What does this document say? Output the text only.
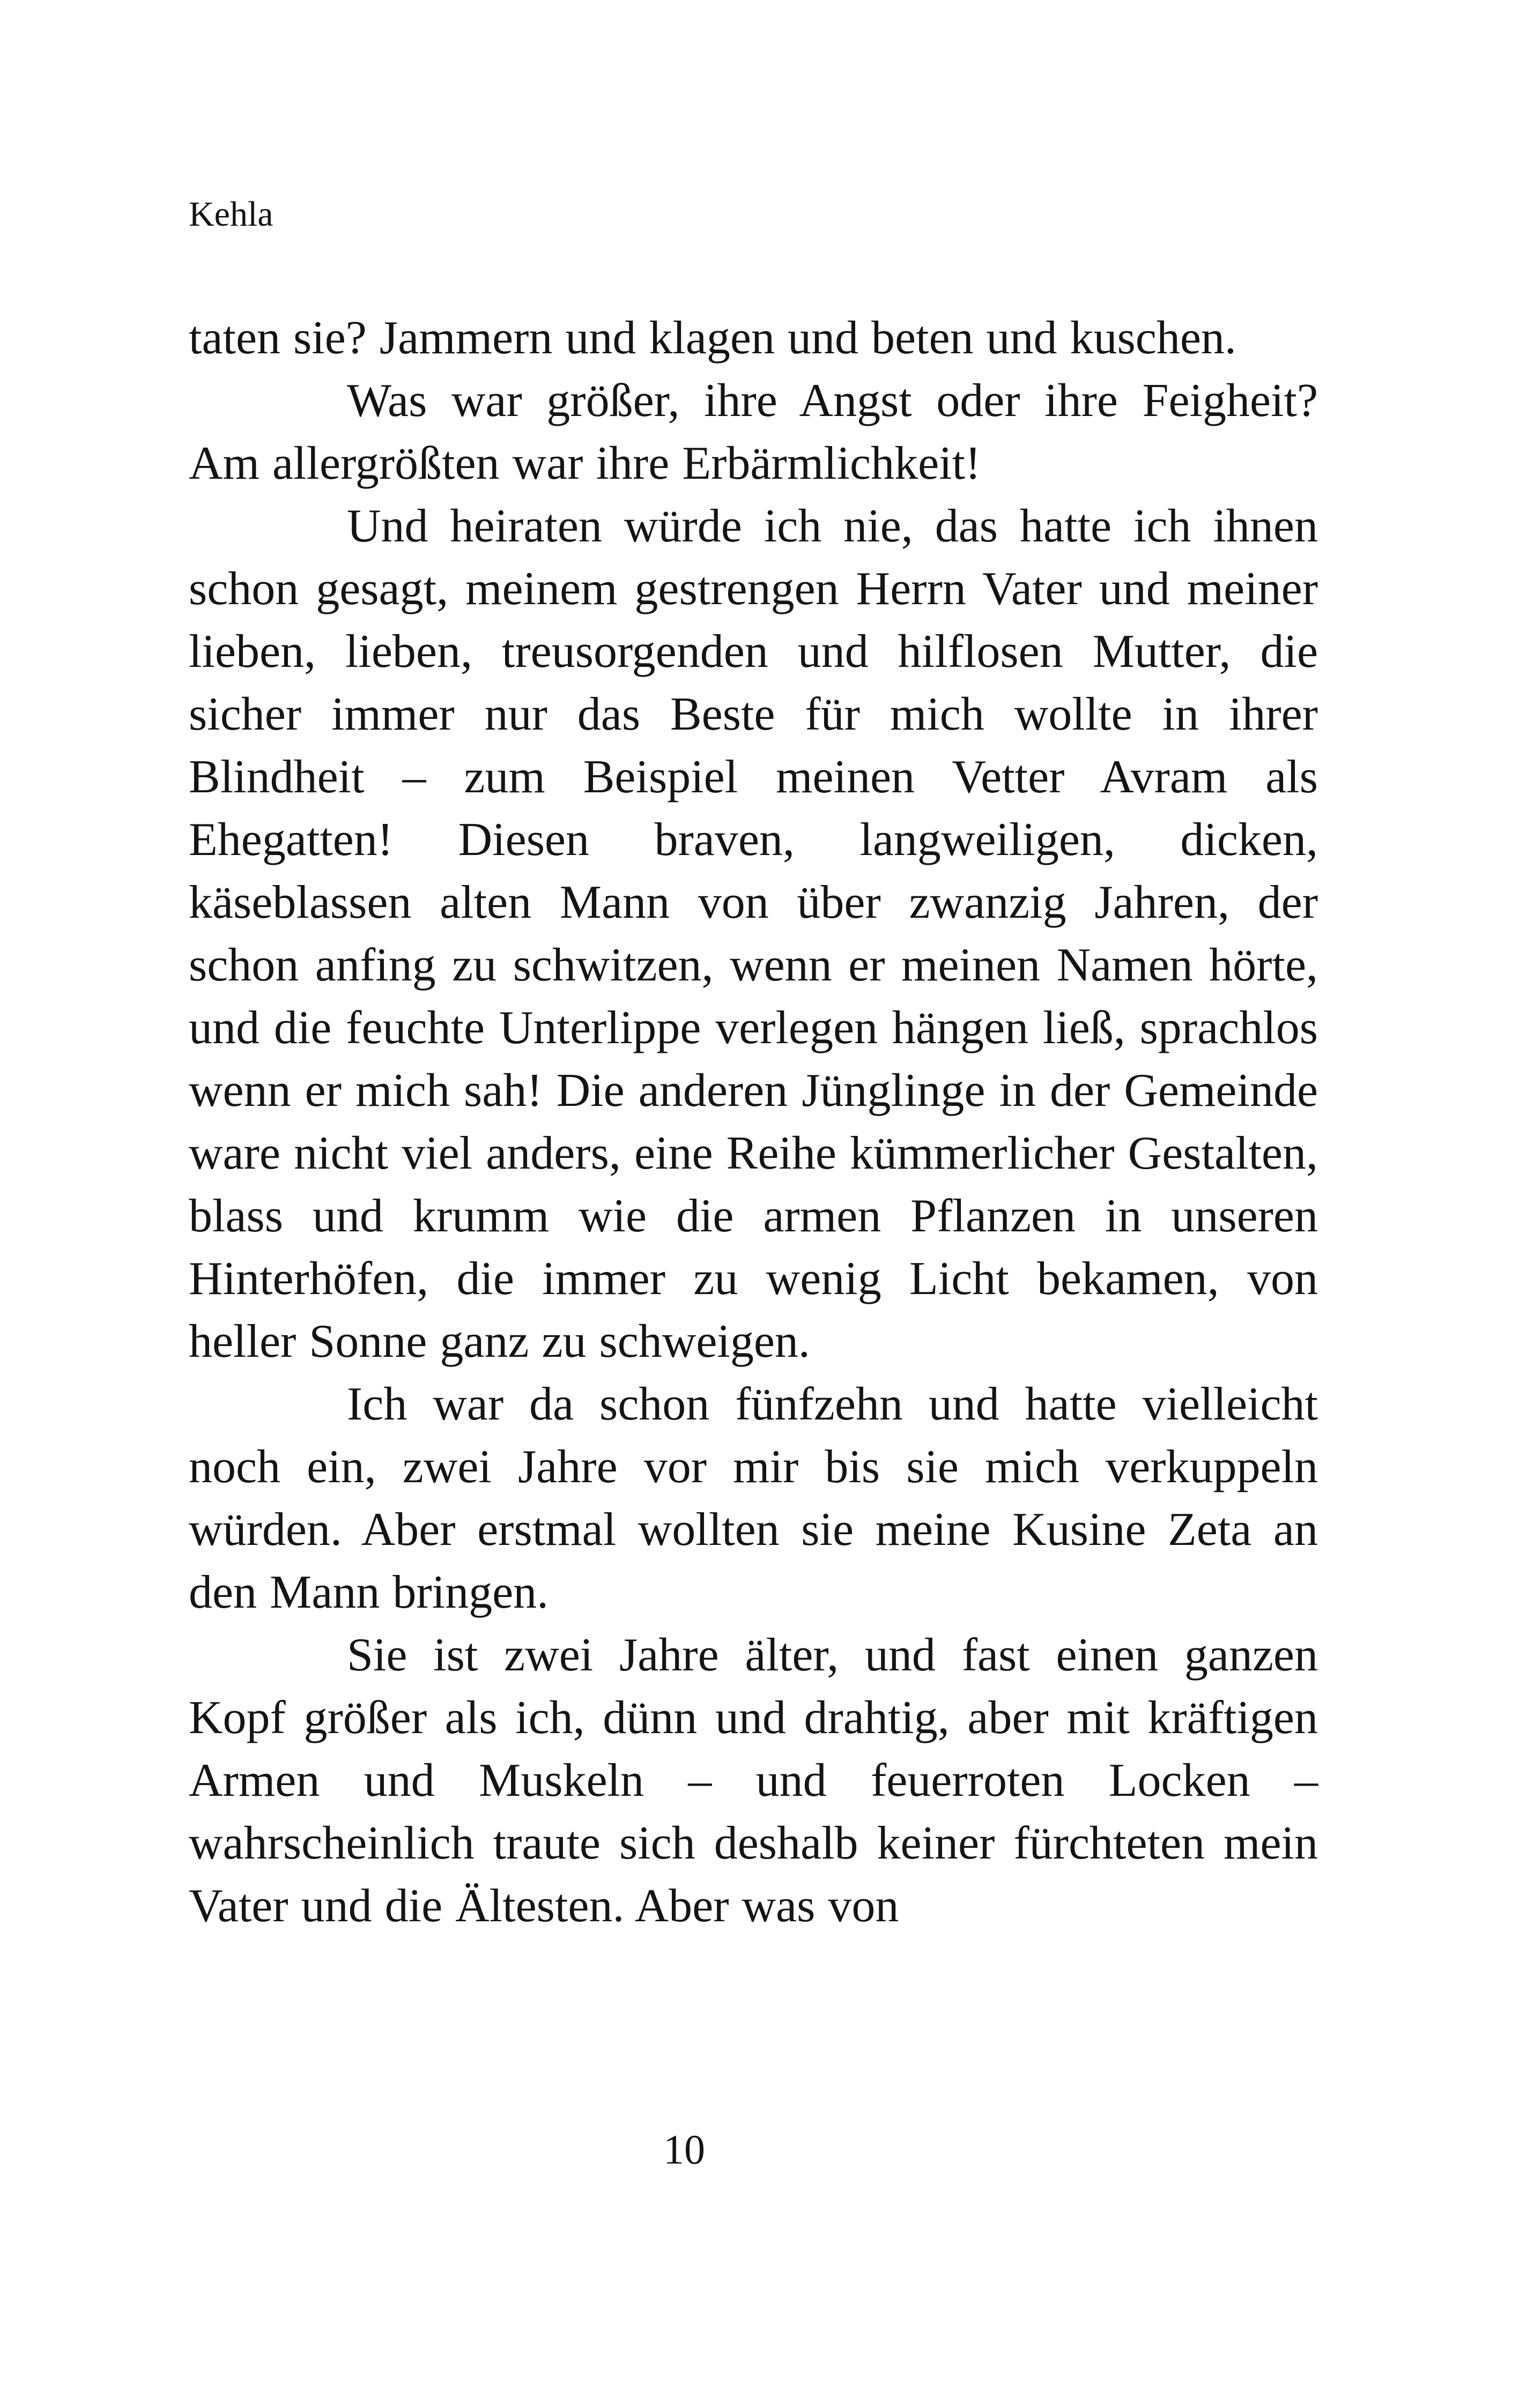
Kehla

taten sie? Jammern und klagen und beten und kuschen.

Was war größer, ihre Angst oder ihre Feigheit? Am allergrößten war ihre Erbärmlichkeit!

Und heiraten würde ich nie, das hatte ich ihnen schon gesagt, meinem gestrengen Herrn Vater und meiner lieben, lieben, treusorgenden und hilflosen Mutter, die sicher immer nur das Beste für mich wollte in ihrer Blindheit – zum Beispiel meinen Vetter Avram als Ehegatten! Diesen braven, langweiligen, dicken, käseblassen alten Mann von über zwanzig Jahren, der schon anfing zu schwitzen, wenn er meinen Namen hörte, und die feuchte Unterlippe verlegen hängen ließ, sprachlos wenn er mich sah! Die anderen Jünglinge in der Gemeinde ware nicht viel anders, eine Reihe kümmerlicher Gestalten, blass und krumm wie die armen Pflanzen in unseren Hinterhöfen, die immer zu wenig Licht bekamen, von heller Sonne ganz zu schweigen.

Ich war da schon fünfzehn und hatte vielleicht noch ein, zwei Jahre vor mir bis sie mich verkuppeln würden. Aber erstmal wollten sie meine Kusine Zeta an den Mann bringen.

Sie ist zwei Jahre älter, und fast einen ganzen Kopf größer als ich, dünn und drahtig, aber mit kräftigen Armen und Muskeln – und feuerroten Locken – wahrscheinlich traute sich deshalb keiner fürchteten mein Vater und die Ältesten. Aber was von

10
